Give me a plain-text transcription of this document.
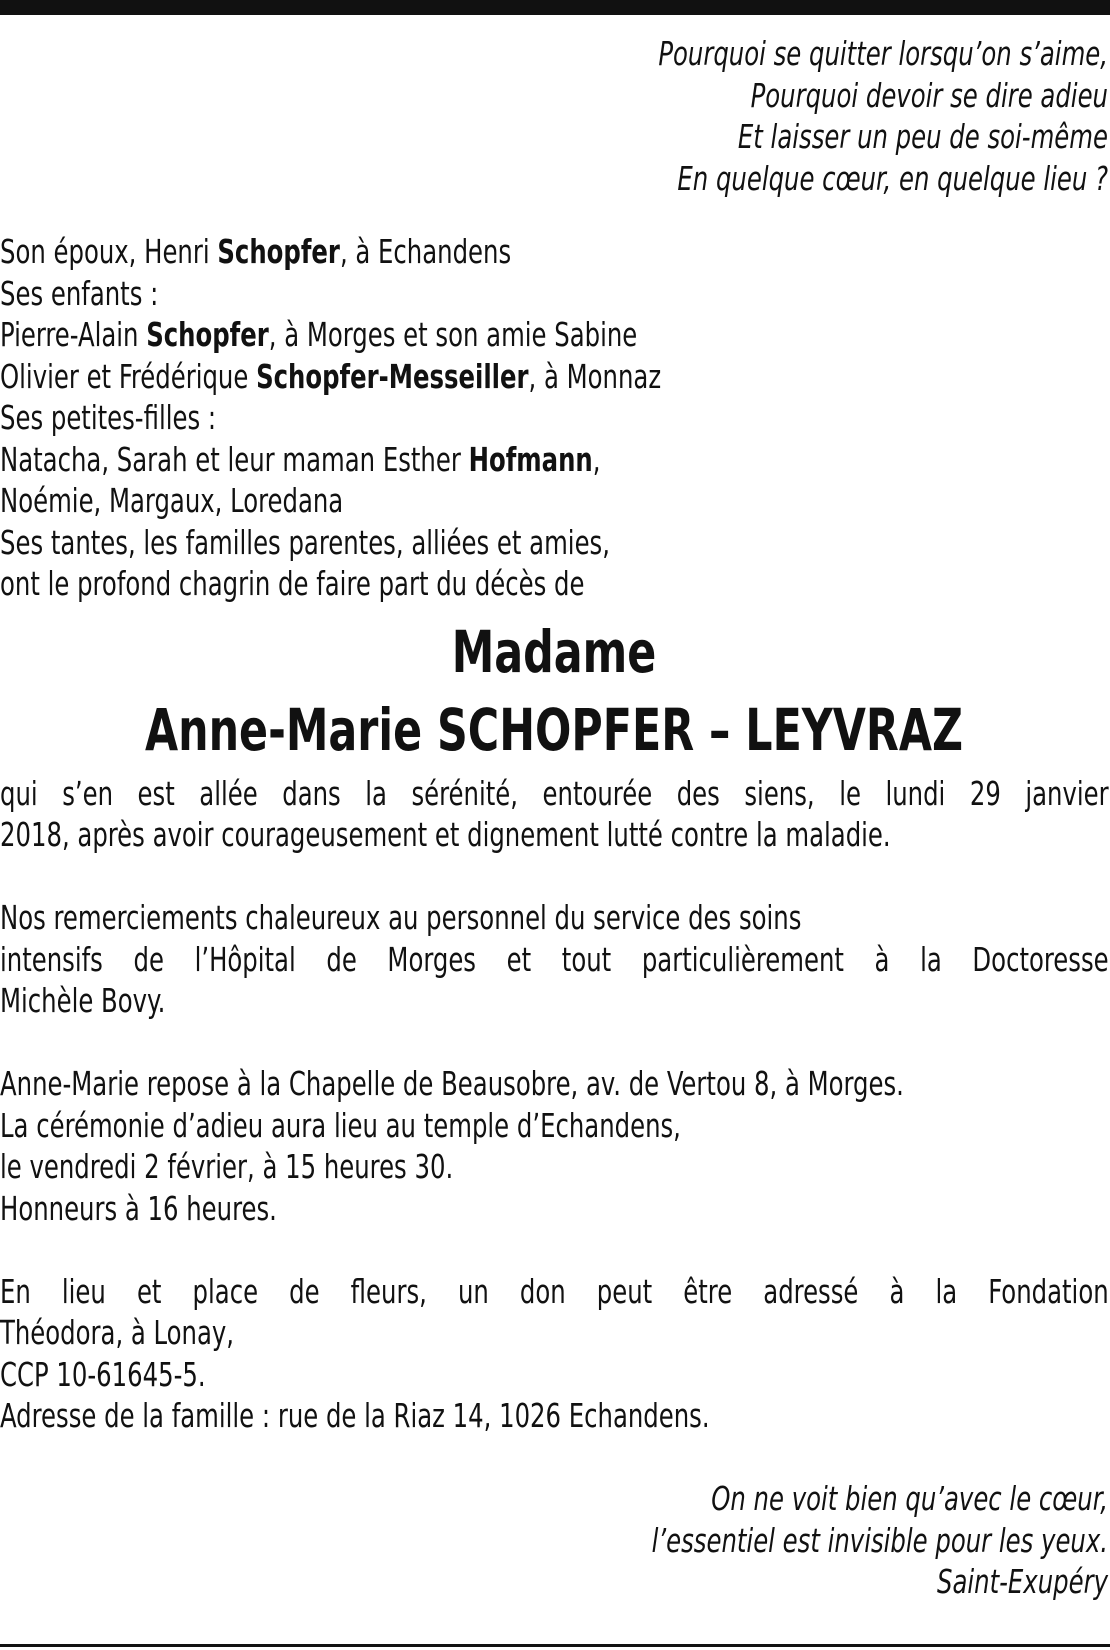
Pourquoi se quitter lorsqu’on s’aime,
Pourquoi devoir se dire adieu
Et laisser un peu de soi-même
En quelque cœur, en quelque lieu ?
Son époux, Henri Schopfer, à Echandens
Ses enfants :
Pierre-Alain Schopfer, à Morges et son amie Sabine
Olivier et Frédérique Schopfer-Messeiller, à Monnaz
Ses petites-filles :
Natacha, Sarah et leur maman Esther Hofmann,
Noémie, Margaux, Loredana
Ses tantes, les familles parentes, alliées et amies,
ont le profond chagrin de faire part du décès de
Madame
Anne-Marie SCHOPFER – LEYVRAZ
qui s’en est allée dans la sérénité, entourée des siens, le lundi 29 janvier
2018, après avoir courageusement et dignement lutté contre la maladie.
Nos remerciements chaleureux au personnel du service des soins
intensifs de l’Hôpital de Morges et tout particulièrement à la Doctoresse
Michèle Bovy.
Anne-Marie repose à la Chapelle de Beausobre, av. de Vertou 8, à Morges.
La cérémonie d’adieu aura lieu au temple d’Echandens,
le vendredi 2 février, à 15 heures 30.
Honneurs à 16 heures.
En lieu et place de fleurs, un don peut être adressé à la Fondation
Théodora, à Lonay,
CCP 10-61645-5.
Adresse de la famille : rue de la Riaz 14, 1026 Echandens.
On ne voit bien qu’avec le cœur,
l’essentiel est invisible pour les yeux.
Saint-Exupéry
